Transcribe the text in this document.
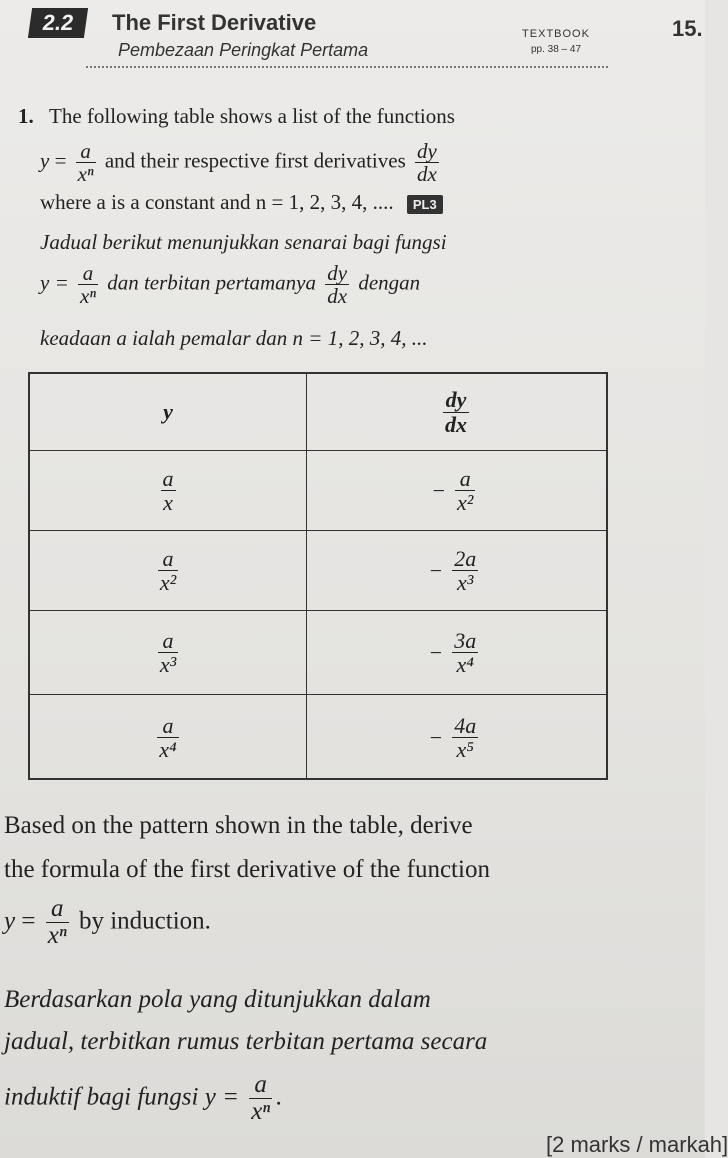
2.2 The First Derivative
Pembezaan Peringkat Pertama
TEXTBOOK
pp. 38 – 47
15.
1. The following table shows a list of the functions
$y = \frac{a}{\text{xⁿ}}$ and their respective first derivatives $\frac{dy}{dx}$
where a is a constant and n = 1, 2, 3, 4, .... PL3
Jadual berikut menunjukkan senarai bagi fungsi
$y = \frac{a}{\text{xⁿ}}$ dan terbitan pertamanya $\frac{dy}{dx}$ dengan
keadaan a ialah pemalar dan n = 1, 2, 3, 4, ...
y	$\frac{dy}{dx}$
$\frac{a}{x}$	− $\frac{a}{\text{x²}}$
$\frac{a}{\text{x²}}$	− $\frac{2a}{\text{x³}}$
$\frac{a}{\text{x³}}$	− $\frac{3a}{\text{x⁴}}$
$\frac{a}{\text{x⁴}}$	− $\frac{4a}{\text{x⁵}}$
Based on the pattern shown in the table, derive
the formula of the first derivative of the function
$y = \frac{a}{\text{xⁿ}}$ by induction.
Berdasarkan pola yang ditunjukkan dalam
jadual, terbitkan rumus terbitan pertama secara
induktif bagi fungsi $y = \frac{a}{\text{xⁿ}}$ .
[2 marks / markah]
